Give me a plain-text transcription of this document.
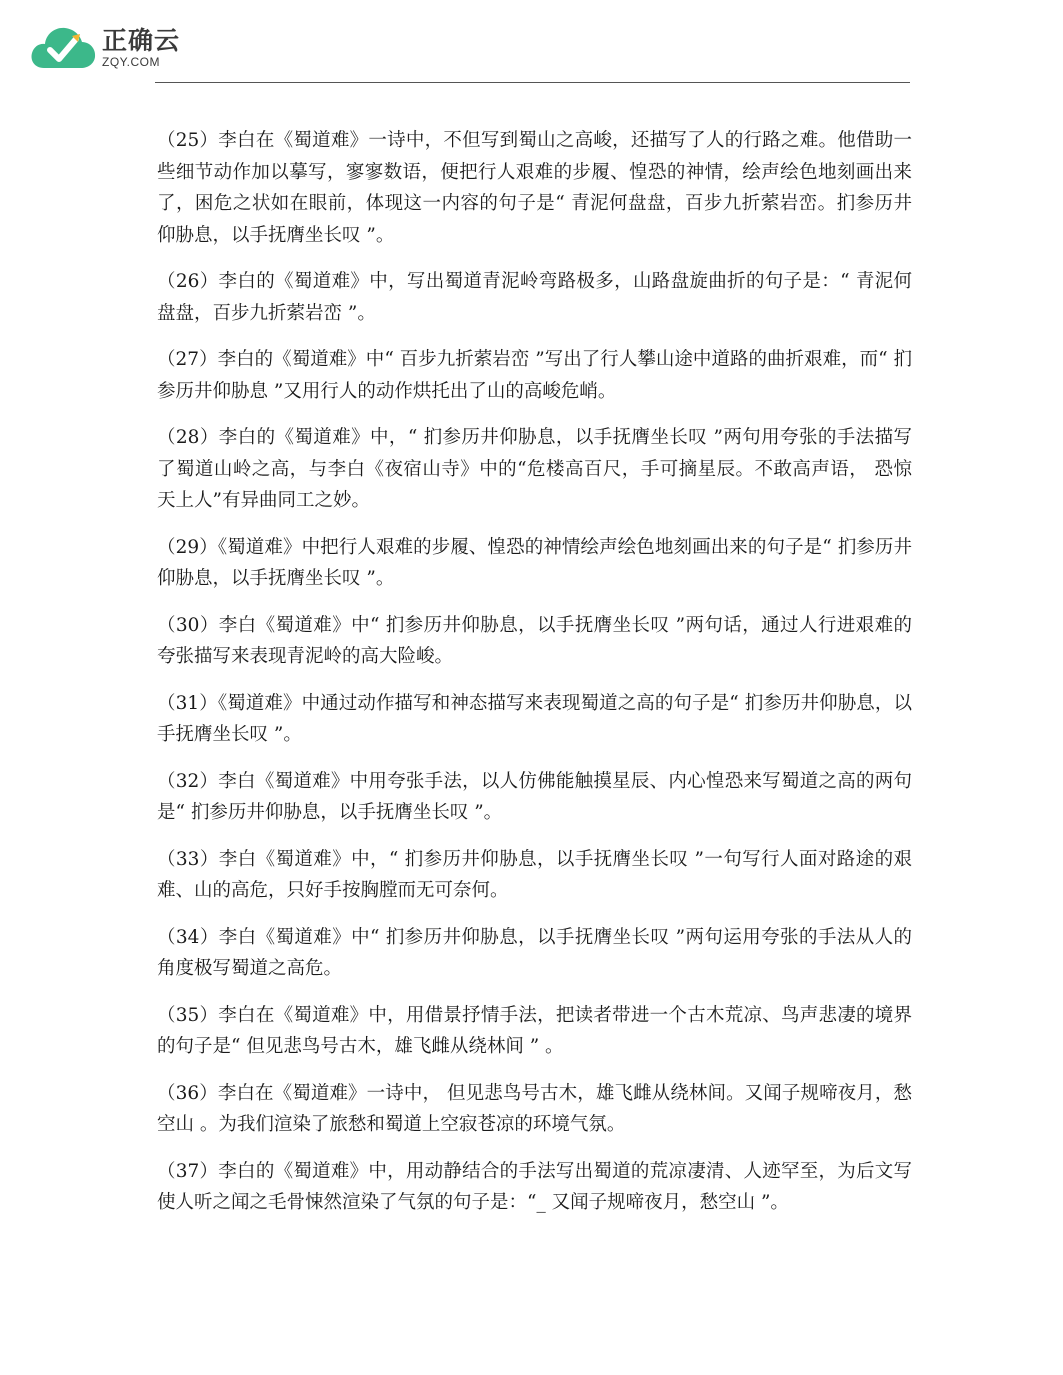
正确云
ZQY.COM

（25）李白在《蜀道难》一诗中，不但写到蜀山之高峻，还描写了人的行路之难。他借助一些细节动作加以摹写，寥寥数语，便把行人艰难的步履、惶恐的神情，绘声绘色地刻画出来了，困危之状如在眼前，体现这一内容的句子是“ 青泥何盘盘，百步九折萦岩峦。扪参历井仰胁息，以手抚膺坐长叹 ”。

（26）李白的《蜀道难》中，写出蜀道青泥岭弯路极多，山路盘旋曲折的句子是：“ 青泥何盘盘，百步九折萦岩峦 ”。

（27）李白的《蜀道难》中“ 百步九折萦岩峦 ”写出了行人攀山途中道路的曲折艰难，而“ 扪参历井仰胁息 ”又用行人的动作烘托出了山的高峻危峭。

（28）李白的《蜀道难》中，“ 扪参历井仰胁息，以手抚膺坐长叹 ”两句用夸张的手法描写了蜀道山岭之高，与李白《夜宿山寺》中的“危楼高百尺，手可摘星辰。不敢高声语， 恐惊天上人”有异曲同工之妙。

（29）《蜀道难》中把行人艰难的步履、惶恐的神情绘声绘色地刻画出来的句子是“ 扪参历井仰胁息，以手抚膺坐长叹 ”。

（30）李白《蜀道难》中“ 扪参历井仰胁息，以手抚膺坐长叹 ”两句话，通过人行进艰难的夸张描写来表现青泥岭的高大险峻。

（31）《蜀道难》中通过动作描写和神态描写来表现蜀道之高的句子是“ 扪参历井仰胁息，以手抚膺坐长叹 ”。

（32）李白《蜀道难》中用夸张手法，以人仿佛能触摸星辰、内心惶恐来写蜀道之高的两句是“ 扪参历井仰胁息，以手抚膺坐长叹 ”。

（33）李白《蜀道难》中，“ 扪参历井仰胁息，以手抚膺坐长叹 ”一句写行人面对路途的艰难、山的高危，只好手按胸膛而无可奈何。

（34）李白《蜀道难》中“ 扪参历井仰胁息，以手抚膺坐长叹 ”两句运用夸张的手法从人的角度极写蜀道之高危。

（35）李白在《蜀道难》中，用借景抒情手法，把读者带进一个古木荒凉、鸟声悲凄的境界的句子是“ 但见悲鸟号古木，雄飞雌从绕林间 ” 。

（36）李白在《蜀道难》一诗中， 但见悲鸟号古木，雄飞雌从绕林间。又闻子规啼夜月，愁空山 。为我们渲染了旅愁和蜀道上空寂苍凉的环境气氛。

（37）李白的《蜀道难》中，用动静结合的手法写出蜀道的荒凉凄清、人迹罕至，为后文写使人听之闻之毛骨悚然渲染了气氛的句子是：“_ 又闻子规啼夜月，愁空山 ”。
